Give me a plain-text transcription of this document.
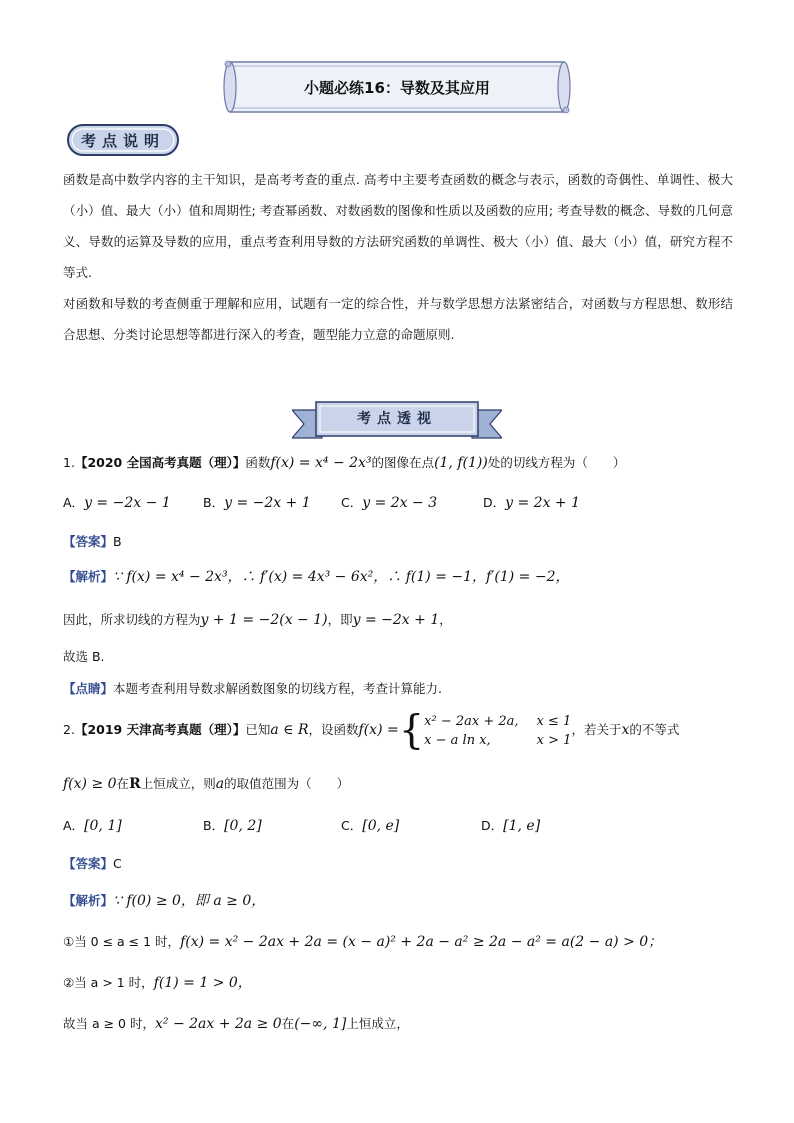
小题必练16：导数及其应用
考点说明
函数是高中数学内容的主干知识，是高考考查的重点. 高考中主要考查函数的概念与表示，函数的奇偶性、单调性、极大（小）值、最大（小）值和周期性; 考查幂函数、对数函数的图像和性质以及函数的应用; 考查导数的概念、导数的几何意义、导数的运算及导数的应用，重点考查利用导数的方法研究函数的单调性、极大（小）值、最大（小）值，研究方程不等式.
对函数和导数的考查侧重于理解和应用，试题有一定的综合性，并与数学思想方法紧密结合，对函数与方程思想、数形结合思想、分类讨论思想等都进行深入的考查，题型能力立意的命题原则.
考点透视
1.【2020 全国高考真题（理）】函数f(x) = x⁴ − 2x³的图像在点(1, f(1))处的切线方程为（　　）
A．y = −2x − 1	B．y = −2x + 1 C．y = 2x − 3	D．y = 2x + 1
【答案】B
【解析】∵ f(x) = x⁴ − 2x³，∴ f′(x) = 4x³ − 6x²，∴ f(1) = −1，f′(1) = −2，
因此，所求切线的方程为y + 1 = −2(x − 1)，即y = −2x + 1，
故选 B.
【点睛】本题考查利用导数求解函数图象的切线方程，考查计算能力.
2.【2019 天津高考真题（理）】已知a ∈ R，设函数f(x) ={ x² − 2ax + 2a, x ≤ 1
x − a ln x,	x > 1
，若关于x的不等式
f(x) ≥ 0在R上恒成立，则a的取值范围为（　　）
A．[0, 1]	B．[0, 2]	C．[0, e]	D．[1, e]
【答案】C
【解析】∵ f(0) ≥ 0，即 a ≥ 0，
①当 0 ≤ a ≤ 1 时，f(x) = x² − 2ax + 2a = (x − a)² + 2a − a² ≥ 2a − a² = a(2 − a) > 0；
②当 a > 1 时，f(1) = 1 > 0，
故当 a ≥ 0 时，x² − 2ax + 2a ≥ 0在(−∞, 1]上恒成立，
